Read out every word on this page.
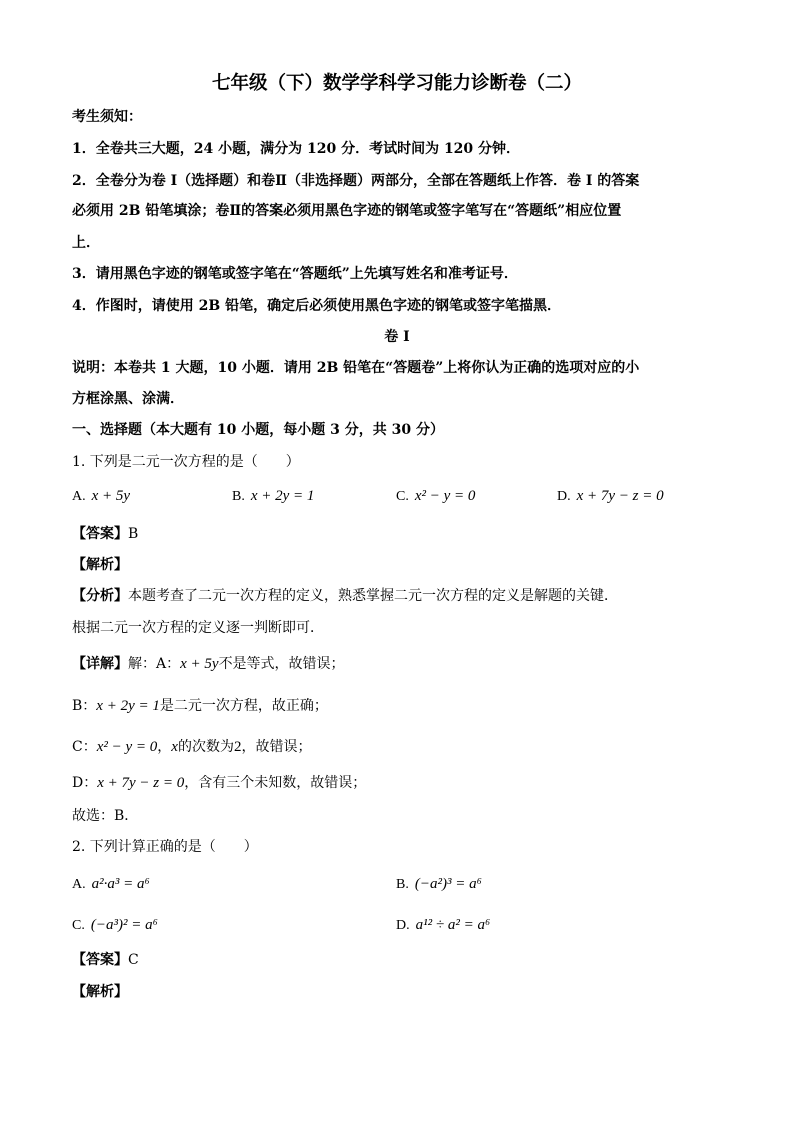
七年级（下）数学学科学习能力诊断卷（二）
考生须知：
1．全卷共三大题，24 小题，满分为 120 分．考试时间为 120 分钟．
2．全卷分为卷 I（选择题）和卷Ⅱ（非选择题）两部分，全部在答题纸上作答．卷 I 的答案
必须用 2B 铅笔填涂；卷Ⅱ的答案必须用黑色字迹的钢笔或签字笔写在“答题纸”相应位置
上．
3．请用黑色字迹的钢笔或签字笔在“答题纸”上先填写姓名和准考证号．
4．作图时，请使用 2B 铅笔，确定后必须使用黑色字迹的钢笔或签字笔描黑．
卷 I
说明：本卷共 1 大题，10 小题．请用 2B 铅笔在“答题卷”上将你认为正确的选项对应的小
方框涂黑、涂满．
一、选择题（本大题有 10 小题，每小题 3 分，共 30 分）
1. 下列是二元一次方程的是（　　）
A. x + 5y	B. x + 2y = 1	C. x² − y = 0	D. x + 7y − z = 0
【答案】B
【解析】
【分析】本题考查了二元一次方程的定义，熟悉掌握二元一次方程的定义是解题的关键．
根据二元一次方程的定义逐一判断即可．
【详解】解：A：x + 5y不是等式，故错误；
B：x + 2y = 1是二元一次方程，故正确；
C：x² − y = 0，x的次数为2，故错误；
D：x + 7y − z = 0，含有三个未知数，故错误；
故选：B．
2. 下列计算正确的是（　　）
A. a²·a³ = a⁶	B. (−a²)³ = a⁶
C. (−a³)² = a⁶	D. a¹² ÷ a² = a⁶
【答案】C
【解析】
